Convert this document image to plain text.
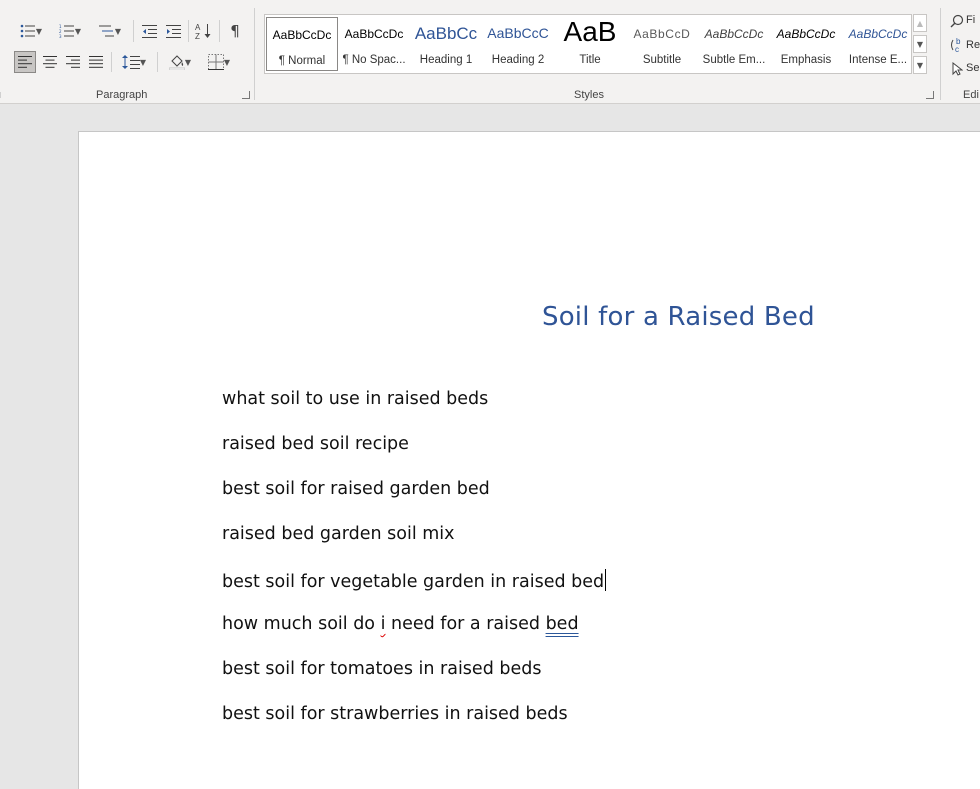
▼	1
2
3
▼	▼	A
Z ¶
▼	▼	▼
Paragraph
AaBbCcDc
¶ Normal
AaBbCcDc
¶ No Spac...
AaBbCc
Heading 1
AaBbCcC
Heading 2
AaB
Title
AaBbCcD
Subtitle
AaBbCcDc
Subtle Em...
AaBbCcDc
Emphasis
AaBbCcDc
Intense E...
▲
▼
▼
Styles
Fi
b
c Re
Se
Edi
Soil for a Raised Bed
what soil to use in raised beds
raised bed soil recipe
best soil for raised garden bed
raised bed garden soil mix
best soil for vegetable garden in raised bed
how much soil do i need for a raised bed
best soil for tomatoes in raised beds
best soil for strawberries in raised beds
